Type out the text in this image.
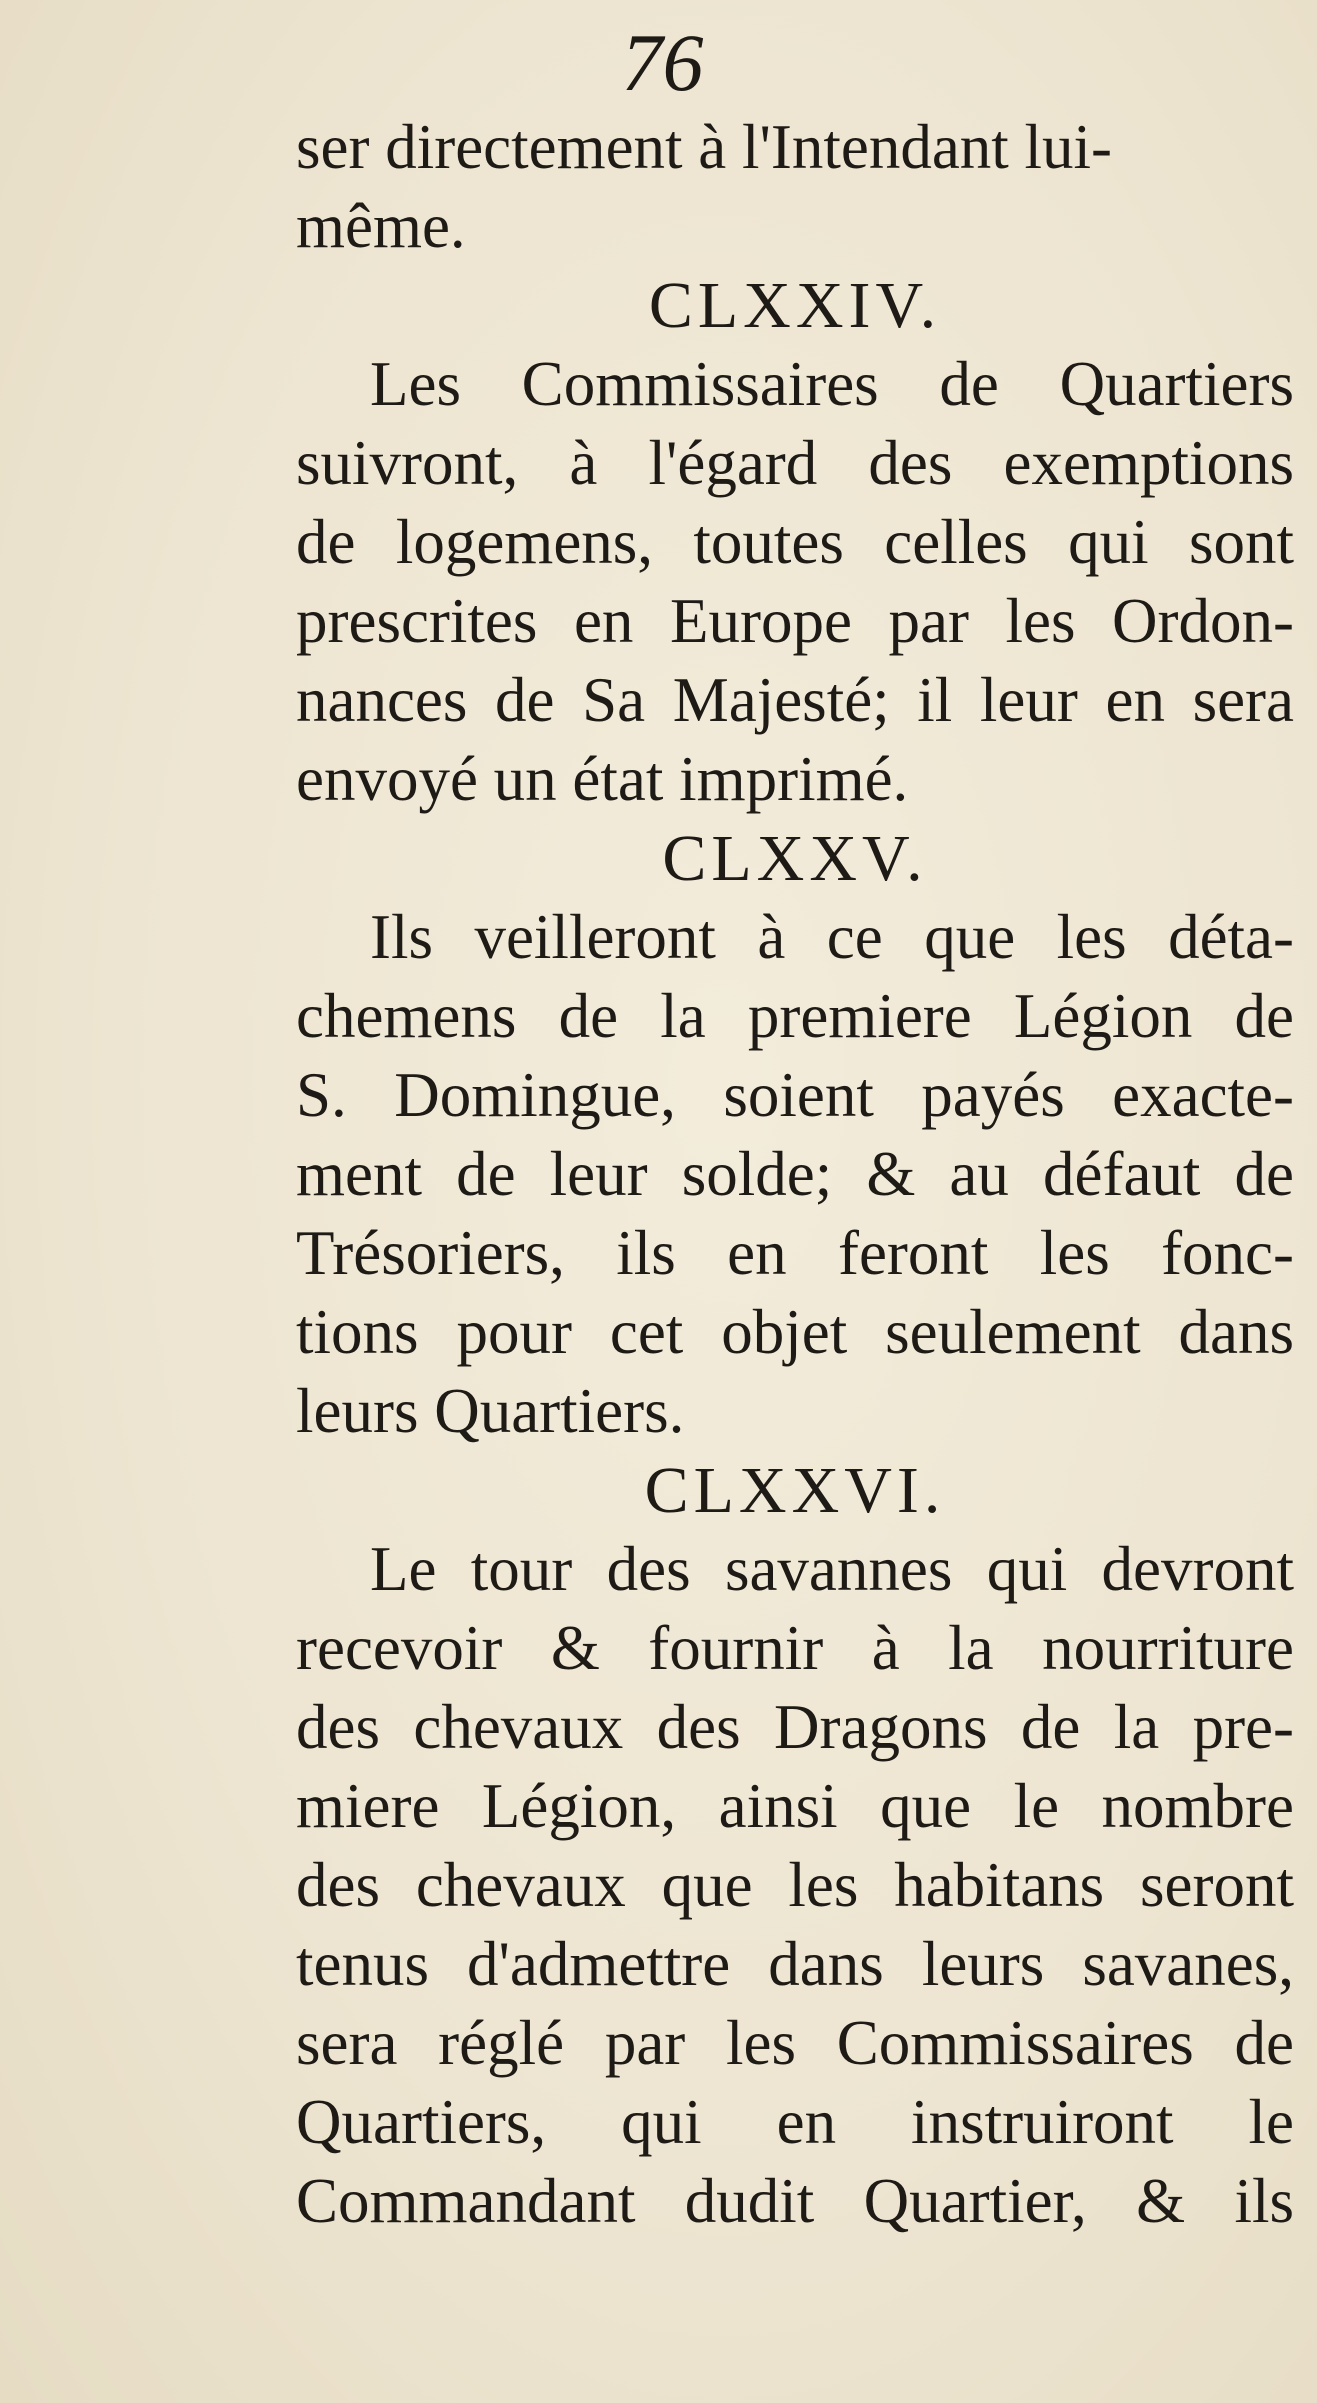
76
ser directement à l'Intendant lui-
même.
CLXXIV.
Les Commissaires de Quartiers
suivront, à l'égard des exemptions
de logemens, toutes celles qui sont
prescrites en Europe par les Ordon-
nances de Sa Majesté; il leur en sera
envoyé un état imprimé.
CLXXV.
Ils veilleront à ce que les déta-
chemens de la premiere Légion de
S. Domingue, soient payés exacte-
ment de leur solde; & au défaut de
Trésoriers, ils en feront les fonc-
tions pour cet objet seulement dans
leurs Quartiers.
CLXXVI.
Le tour des savannes qui devront
recevoir & fournir à la nourriture
des chevaux des Dragons de la pre-
miere Légion, ainsi que le nombre
des chevaux que les habitans seront
tenus d'admettre dans leurs savanes,
sera réglé par les Commissaires de
Quartiers, qui en instruiront le
Commandant dudit Quartier, & ils
